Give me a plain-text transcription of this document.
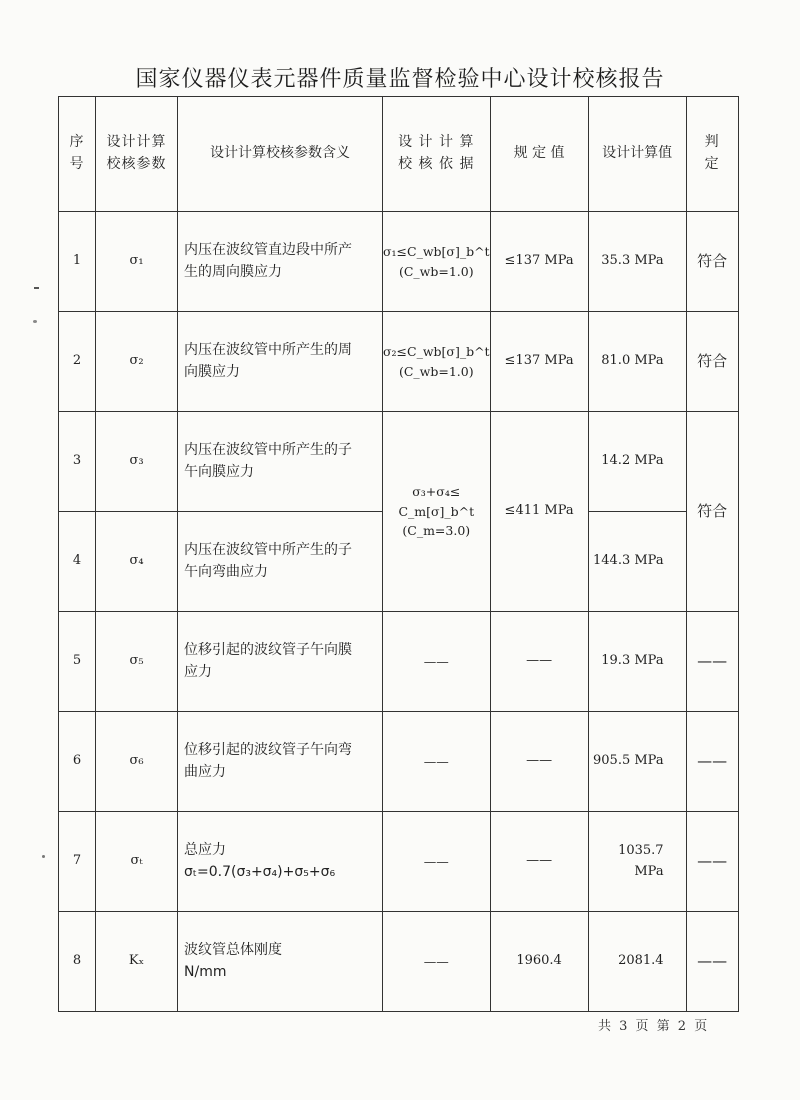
国家仪器仪表元器件质量监督检验中心设计校核报告
序
号	设计计算
校核参数	设计计算校核参数含义	设 计 计 算
校 核 依 据	规 定 值	设计计算值	判
定

1	σ₁	内压在波纹管直边段中所产
生的周向膜应力	σ₁≤C_wb[σ]_b^t
(C_wb=1.0)	≤137 MPa	35.3 MPa	符合
2	σ₂	内压在波纹管中所产生的周
向膜应力	σ₂≤C_wb[σ]_b^t
(C_wb=1.0)	≤137 MPa	81.0 MPa	符合
3	σ₃	内压在波纹管中所产生的子
午向膜应力	σ₃+σ₄≤
C_m[σ]_b^t
(C_m=3.0)	≤411 MPa	14.2 MPa	符合
4	σ₄	内压在波纹管中所产生的子
午向弯曲应力			144.3 MPa	
5	σ₅	位移引起的波纹管子午向膜
应力	——	——	19.3 MPa	——
6	σ₆	位移引起的波纹管子午向弯
曲应力	——	——	905.5 MPa	——
7	σₜ	总应力
σₜ=0.7(σ₃+σ₄)+σ₅+σ₆	——	——	1035.7 MPa	——
8	Kₓ	波纹管总体刚度
N/mm	——	1960.4	2081.4	——
共 3 页 第 2 页
